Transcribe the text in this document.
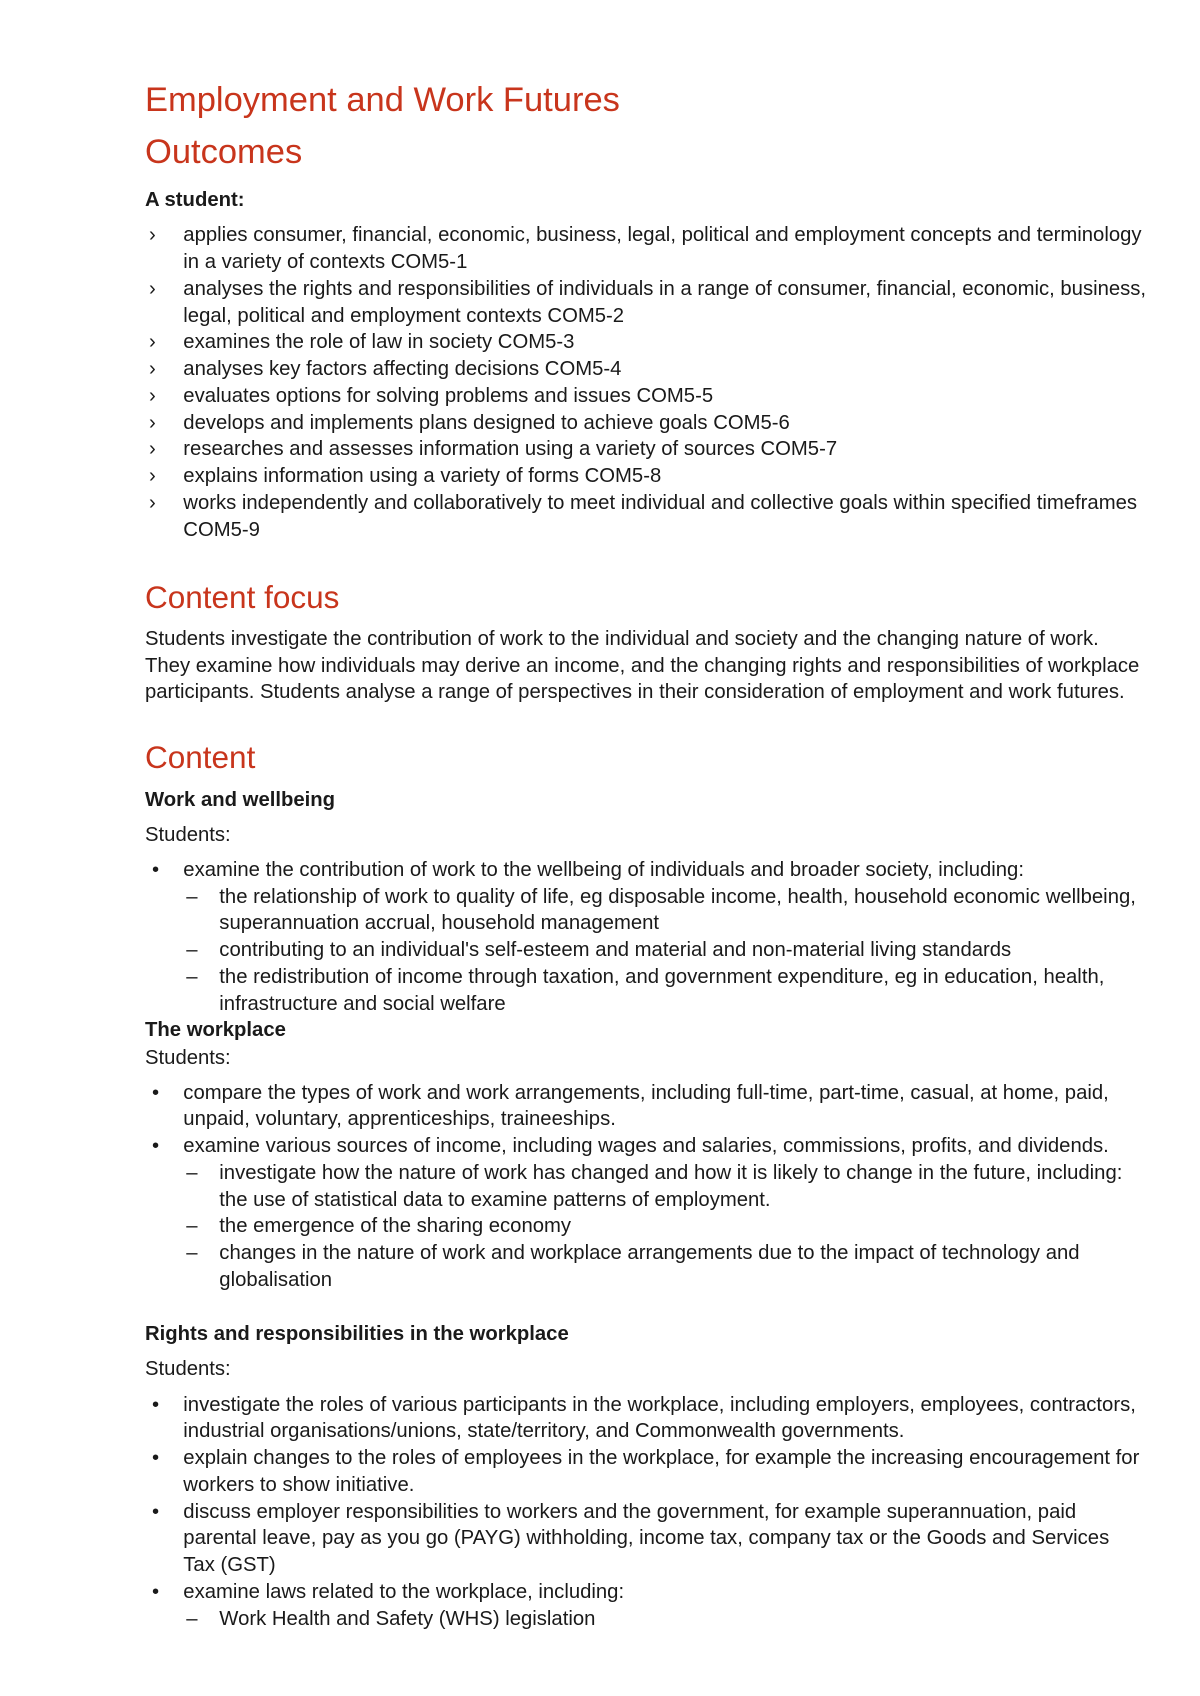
Employment and Work Futures
Outcomes

A student:

› applies consumer, financial, economic, business, legal, political and employment concepts and terminology
in a variety of contexts COM5-1
› analyses the rights and responsibilities of individuals in a range of consumer, financial, economic, business,
legal, political and employment contexts COM5-2
› examines the role of law in society COM5-3
› analyses key factors affecting decisions COM5-4
› evaluates options for solving problems and issues COM5-5
› develops and implements plans designed to achieve goals COM5-6
› researches and assesses information using a variety of sources COM5-7
› explains information using a variety of forms COM5-8
› works independently and collaboratively to meet individual and collective goals within specified timeframes
COM5-9
Content focus

Students investigate the contribution of work to the individual and society and the changing nature of work.
They examine how individuals may derive an income, and the changing rights and responsibilities of workplace
participants. Students analyse a range of perspectives in their consideration of employment and work futures.

Content

Work and wellbeing

Students:

• examine the contribution of work to the wellbeing of individuals and broader society, including:
– the relationship of work to quality of life, eg disposable income, health, household economic wellbeing,
superannuation accrual, household management
– contributing to an individual's self-esteem and material and non-material living standards
– the redistribution of income through taxation, and government expenditure, eg in education, health,
infrastructure and social welfare

The workplace

Students:

• compare the types of work and work arrangements, including full-time, part-time, casual, at home, paid,
unpaid, voluntary, apprenticeships, traineeships.
• examine various sources of income, including wages and salaries, commissions, profits, and dividends.
– investigate how the nature of work has changed and how it is likely to change in the future, including:
the use of statistical data to examine patterns of employment.
– the emergence of the sharing economy
– changes in the nature of work and workplace arrangements due to the impact of technology and
globalisation

Rights and responsibilities in the workplace

Students:

• investigate the roles of various participants in the workplace, including employers, employees, contractors,
industrial organisations/unions, state/territory, and Commonwealth governments.
• explain changes to the roles of employees in the workplace, for example the increasing encouragement for
workers to show initiative.
• discuss employer responsibilities to workers and the government, for example superannuation, paid
parental leave, pay as you go (PAYG) withholding, income tax, company tax or the Goods and Services
Tax (GST)
• examine laws related to the workplace, including:
– Work Health and Safety (WHS) legislation
